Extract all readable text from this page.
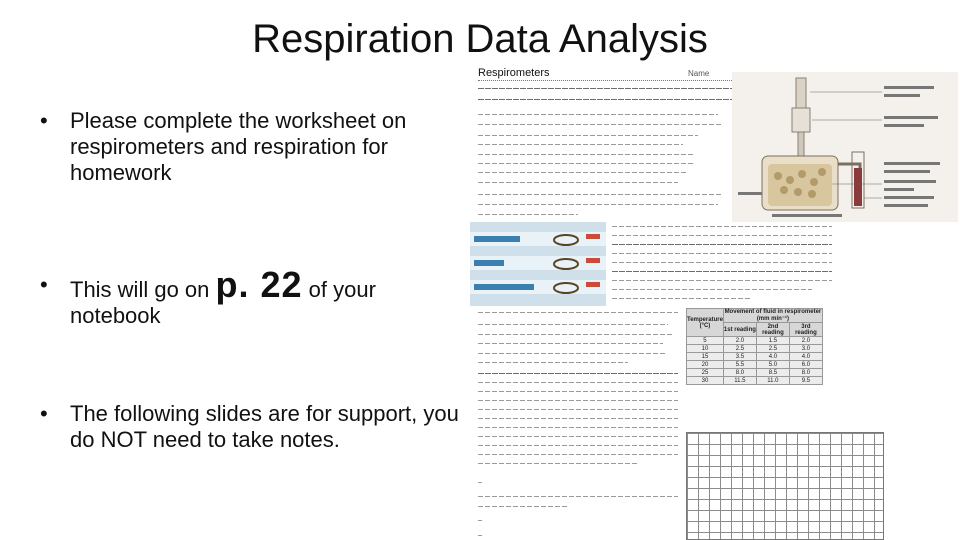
Respiration Data Analysis
•	Please complete the worksheet on respirometers and respiration for homework
•	This will go on p. 22 of your notebook
•	The following slides are for support, you do NOT need to take notes.
Respirometers	Name
Temperature (°C)	Movement of fluid in respirometer (mm min⁻¹)		
	1st reading	2nd reading	3rd reading
5	2.0	1.5	2.0
10	2.5	2.5	3.0
15	3.5	4.0	4.0
20	5.5	5.0	6.0
25	8.0	8.5	8.0
30	11.5	11.0	9.5
